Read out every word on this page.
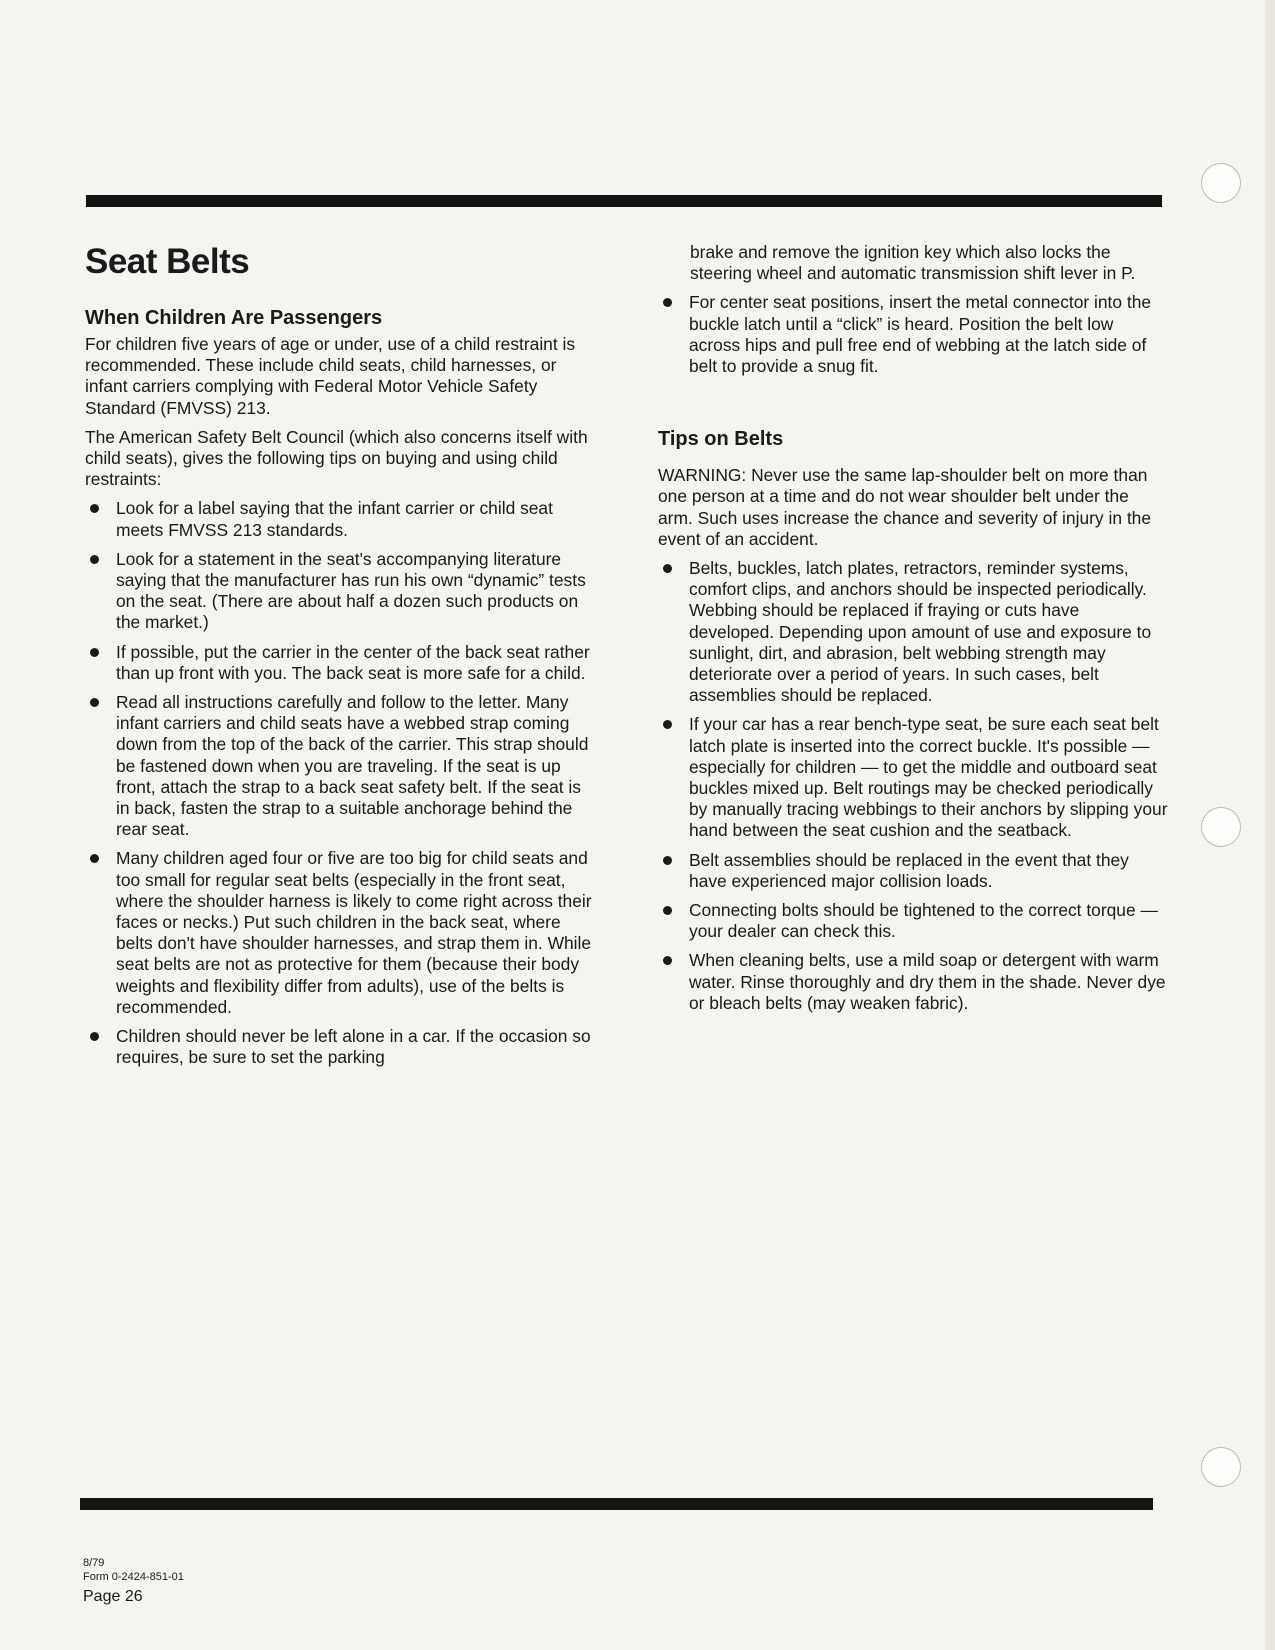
Seat Belts
When Children Are Passengers

For children five years of age or under, use of a child restraint is recommended. These include child seats, child harnesses, or infant carriers complying with Federal Motor Vehicle Safety Standard (FMVSS) 213.

The American Safety Belt Council (which also concerns itself with child seats), gives the following tips on buying and using child restraints:

Look for a label saying that the infant carrier or child seat meets FMVSS 213 standards.
Look for a statement in the seat's accompanying literature saying that the manufacturer has run his own “dynamic” tests on the seat. (There are about half a dozen such products on the market.)
If possible, put the carrier in the center of the back seat rather than up front with you. The back seat is more safe for a child.
Read all instructions carefully and follow to the letter. Many infant carriers and child seats have a webbed strap coming down from the top of the back of the carrier. This strap should be fastened down when you are traveling. If the seat is up front, attach the strap to a back seat safety belt. If the seat is in back, fasten the strap to a suitable anchorage behind the rear seat.
Many children aged four or five are too big for child seats and too small for regular seat belts (especially in the front seat, where the shoulder harness is likely to come right across their faces or necks.) Put such children in the back seat, where belts don't have shoulder harnesses, and strap them in. While seat belts are not as protective for them (because their body weights and flexibility differ from adults), use of the belts is recommended.
Children should never be left alone in a car. If the occasion so requires, be sure to set the parking
brake and remove the ignition key which also locks the steering wheel and automatic transmission shift lever in P.
For center seat positions, insert the metal connector into the buckle latch until a “click” is heard. Position the belt low across hips and pull free end of webbing at the latch side of belt to provide a snug fit.
Tips on Belts

WARNING: Never use the same lap-shoulder belt on more than one person at a time and do not wear shoulder belt under the arm. Such uses increase the chance and severity of injury in the event of an accident.

Belts, buckles, latch plates, retractors, reminder systems, comfort clips, and anchors should be inspected periodically. Webbing should be replaced if fraying or cuts have developed. Depending upon amount of use and exposure to sunlight, dirt, and abrasion, belt webbing strength may deteriorate over a period of years. In such cases, belt assemblies should be replaced.
If your car has a rear bench-type seat, be sure each seat belt latch plate is inserted into the correct buckle. It's possible — especially for children — to get the middle and outboard seat buckles mixed up. Belt routings may be checked periodically by manually tracing webbings to their anchors by slipping your hand between the seat cushion and the seatback.
Belt assemblies should be replaced in the event that they have experienced major collision loads.
Connecting bolts should be tightened to the correct torque — your dealer can check this.
When cleaning belts, use a mild soap or detergent with warm water. Rinse thoroughly and dry them in the shade. Never dye or bleach belts (may weaken fabric).
8/79
Form 0-2424-851-01
Page 26
